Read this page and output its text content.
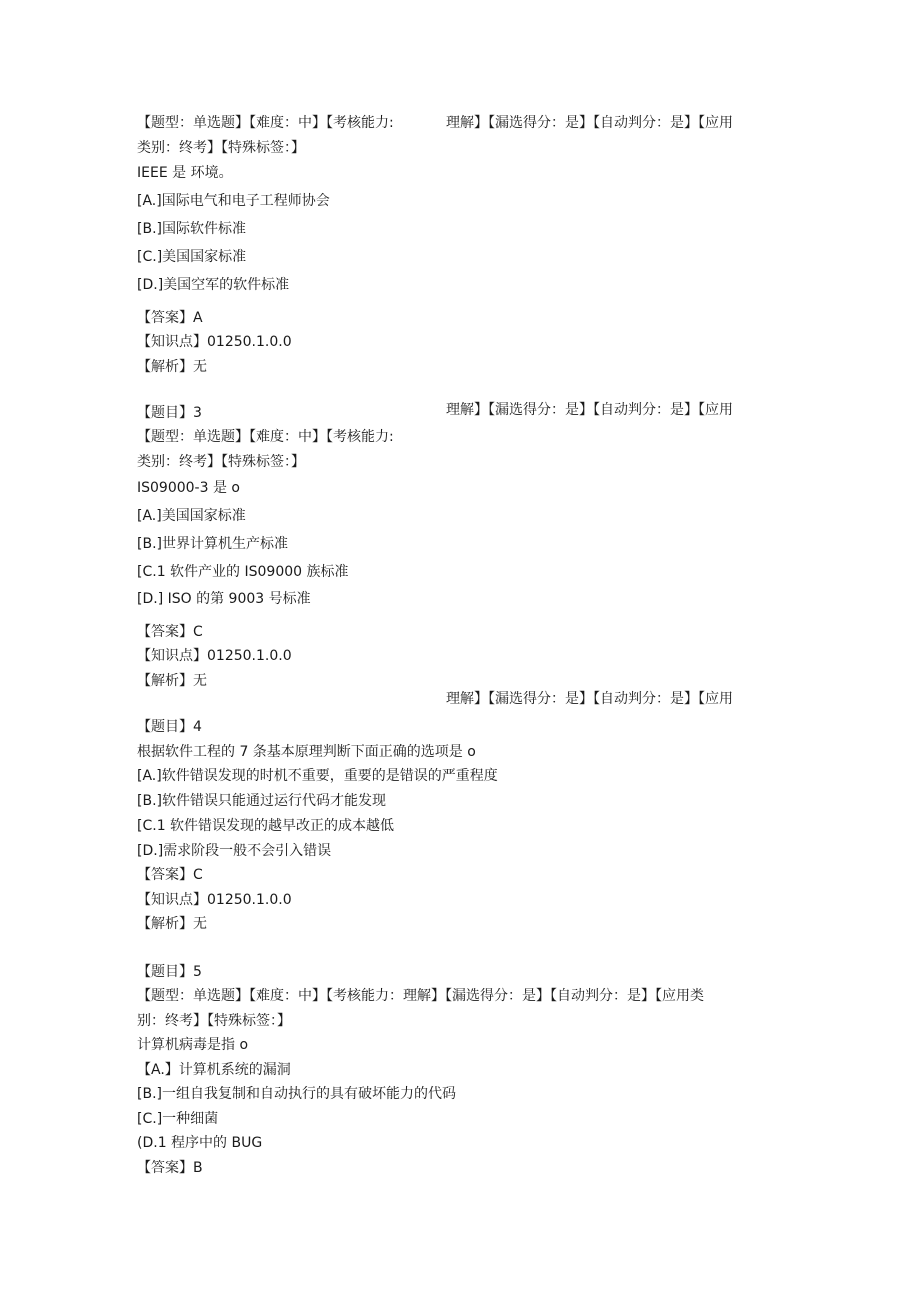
【题型：单选题】【难度：中】【考核能力:	理解】【漏选得分：是】【自动判分：是】【应用
类别：终考】【特殊标签：】
IEEE 是 环境。
[A.]国际电气和电子工程师协会
[B.]国际软件标准
[C.]美国国家标准
[D.]美国空军的软件标准
【答案】A
【知识点】01250.1.0.0
【解析】无
【题目】3	理解】【漏选得分：是】【自动判分：是】【应用
【题型：单选题】【难度：中】【考核能力:
类别：终考】【特殊标签：】
IS09000-3 是 o
[A.]美国国家标准
[B.]世界计算机生产标准
[C.1 软件产业的 IS09000 族标准
[D.] ISO 的第 9003 号标准
【答案】C
【知识点】01250.1.0.0
【解析】无
理解】【漏选得分：是】【自动判分：是】【应用
【题目】4
根据软件工程的 7 条基本原理判断下面正确的选项是 o
[A.]软件错误发现的时机不重要，重要的是错误的严重程度
[B.]软件错误只能通过运行代码才能发现
[C.1 软件错误发现的越早改正的成本越低
[D.]需求阶段一般不会引入错误
【答案】C
【知识点】01250.1.0.0
【解析】无
【题目】5
【题型：单选题】【难度：中】【考核能力：理解】【漏选得分：是】【自动判分：是】【应用类
别：终考】【特殊标签：】
计算机病毒是指 o
【A.】计算机系统的漏洞
[B.]一组自我复制和自动执行的具有破坏能力的代码
[C.]一种细菌
(D.1 程序中的 BUG
【答案】B
